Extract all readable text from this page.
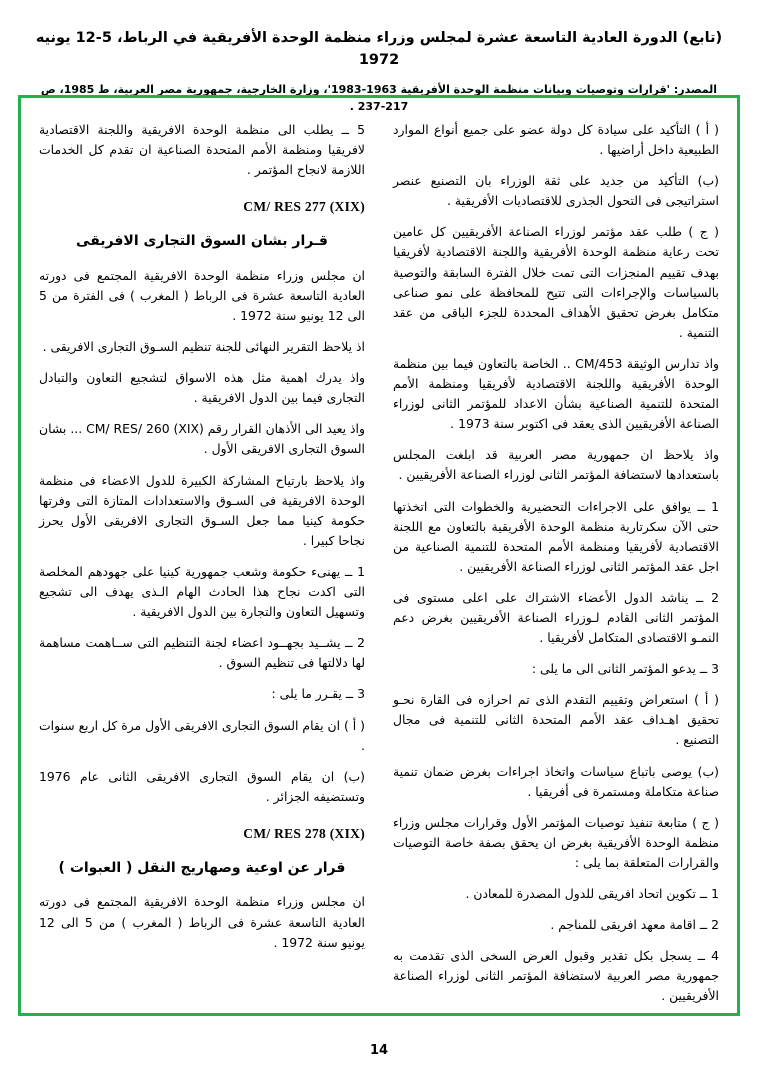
(تابع) الدورة العادية التاسعة عشرة لمجلس وزراء منظمة الوحدة الأفريقية في الرباط، 5-12 يونيه 1972
المصدر: 'قرارات وتوصيات وبيانات منظمة الوحدة الأفريقية 1963-1983'، وزارة الخارجية، جمهورية مصر العربية، ط 1985، ص 217-237 .

( أ ) التأكيد على سيادة كل دولة عضو على جميع أنواع الموارد الطبيعية داخل أراضيها .

(ب) التأكيد من جديد على ثقة الوزراء بان التصنيع عنصر استراتيجى فى التحول الجذرى للاقتصاديات الأفريقية .

( ج ) طلب عقد مؤتمر لوزراء الصناعة الأفريقيين كل عامين تحت رعاية منظمة الوحدة الأفريقية واللجنة الاقتصادية لأفريقيا بهدف تقييم المنجزات التى تمت خلال الفترة السابقة والتوصية بالسياسات والإجراءات التى تتيح للمحافظة على نمو صناعى متكامل بغرض تحقيق الأهداف المحددة للجزء الباقى من عقد التنمية .

واذ تدارس الوثيقة CM/453 .. الخاصة بالتعاون فيما بين منظمة الوحدة الأفريقية واللجنة الاقتصادية لأفريقيا ومنظمة الأمم المتحدة للتنمية الصناعية بشأن الاعداد للمؤتمر الثانى لوزراء الصناعة الأفريقيين الذى يعقد فى اكتوبر سنة 1973 .

واذ يلاحظ ان جمهورية مصر العربية قد ابلغت المجلس باستعدادها لاستضافة المؤتمر الثانى لوزراء الصناعة الأفريقيين .

1 ــ يوافق على الاجراءات التحضيرية والخطوات التى اتخذتها حتى الآن سكرتارية منظمة الوحدة الأفريقية بالتعاون مع اللجنة الاقتصادية لأفريقيا ومنظمة الأمم المتحدة للتنمية الصناعية من اجل عقد المؤتمر الثانى لوزراء الصناعة الأفريقيين .

2 ــ يناشد الدول الأعضاء الاشتراك على اعلى مستوى فى المؤتمر الثانى القادم لـوزراء الصناعة الأفريقيين بغرض دعم النمـو الاقتصادى المتكامل لأفريقيا .

3 ــ يدعو المؤتمر الثانى الى ما يلى :

( أ ) استعراض وتقييم التقدم الذى تم احرازه فى القارة نحـو تحقيق اهـداف عقد الأمم المتحدة الثانى للتنمية فى مجال التصنيع .

(ب) يوصى باتباع سياسات واتخاذ اجراءات بغرض ضمان تنمية صناعة متكاملة ومستمرة فى أفريقيا .

( ج ) متابعة تنفيذ توصيات المؤتمر الأول وقرارات مجلس وزراء منظمة الوحدة الأفريقية بغرض ان يحقق بصفة خاصة التوصيات والقرارات المتعلقة بما يلى :

1 ــ تكوين اتحاد افريقى للدول المصدرة للمعادن .

2 ــ اقامة معهد افريقى للمناجم .

4 ــ يسجل بكل تقدير وقبول العرض السخى الذى تقدمت به جمهورية مصر العربية لاستضافة المؤتمر الثانى لوزراء الصناعة الأفريقيين .

5 ــ يطلب الى منظمة الوحدة الافريقية واللجنة الاقتصادية لافريقيا ومنظمة الأمم المتحدة الصناعية ان تقدم كل الخدمات اللازمة لانجاح المؤتمر .

CM/ RES 277 (XIX)
قـرار بشان السوق التجارى الافريقى

ان مجلس وزراء منظمة الوحدة الافريقية المجتمع فى دورته العادية التاسعة عشرة فى الرباط ( المغرب ) فى الفترة من 5 الى 12 يونيو سنة 1972 .

اذ يلاحظ التقرير النهائى للجنة تنظيم السـوق التجارى الافريقى .

واذ يدرك اهمية مثل هذه الاسواق لتشجيع التعاون والتبادل التجارى فيما بين الدول الافريقية .

واذ يعيد الى الأذهان القرار رقم CM/ RES/ 260 (XIX) ... بشان السوق التجارى الافريقى الأول .

واذ يلاحظ بارتياح المشاركة الكبيرة للدول الاعضاء فى منظمة الوحدة الافريقية فى السـوق والاستعدادات المتازة التى وفرتها حكومة كينيا مما جعل السـوق التجارى الافريقى الأول يحرز نجاحا كبيرا .

1 ــ يهنىء حكومة وشعب جمهورية كينيا على جهودهم المخلصة التى اكدت نجاح هذا الحادث الهام الـذى يهدف الى تشجيع وتسهيل التعاون والتجارة بين الدول الافريقية .

2 ــ يشــيد بجهــود اعضاء لجنة التنظيم التى ســاهمت مساهمة لها دلالتها فى تنظيم السوق .

3 ــ يقـرر ما يلى :

( أ ) ان يقام السوق التجارى الافريقى الأول مرة كل اربع سنوات .

(ب) ان يقام السوق التجارى الافريقى الثانى عام 1976 وتستضيفه الجزائر .

CM/ RES 278 (XIX)
قرار عن اوعية وصهاريج النقل ( العبوات )

ان مجلس وزراء منظمة الوحدة الافريقية المجتمع فى دورته العادية التاسعة عشرة فى الرباط ( المغرب ) من 5 الى 12 يونيو سنة 1972 .

14
